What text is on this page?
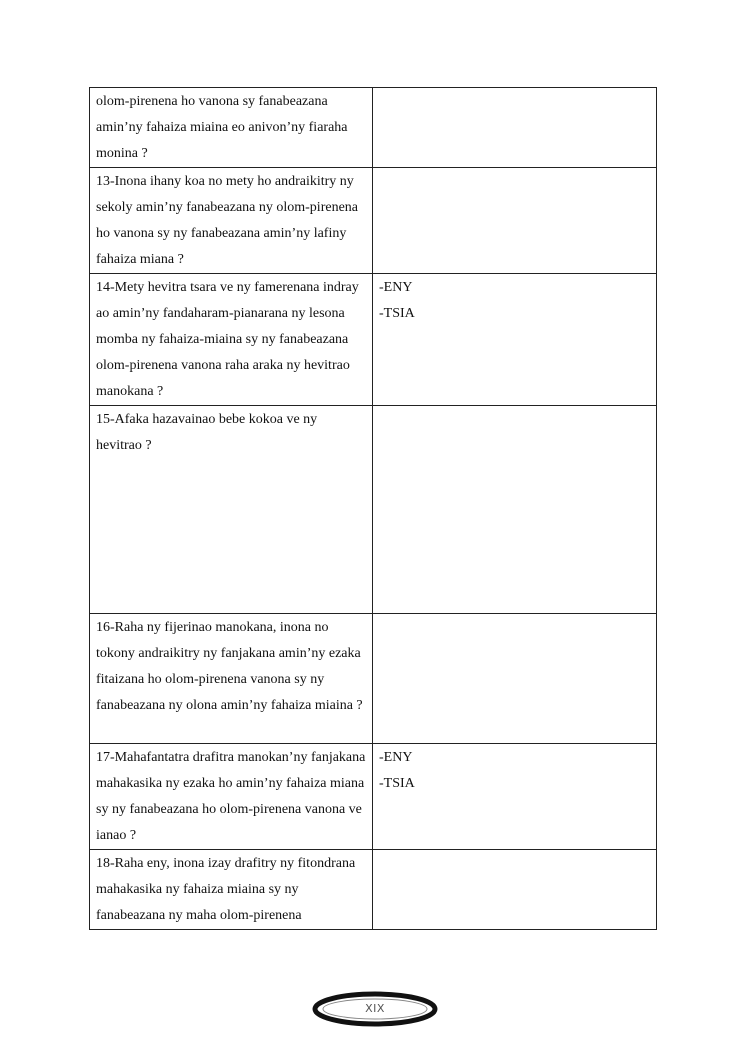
olom-pirenena ho vanona sy fanabeazana amin’ny fahaiza miaina eo anivon’ny fiaraha monina ?	
13-Inona ihany koa no mety ho andraikitry ny sekoly amin’ny fanabeazana ny olom-pirenena ho vanona sy ny fanabeazana amin’ny lafiny fahaiza miana ?	
14-Mety hevitra tsara ve ny famerenana indray ao amin’ny fandaharam-pianarana ny lesona momba ny fahaiza-miaina sy ny fanabeazana olom-pirenena vanona raha araka ny hevitrao manokana ?	-ENY
-TSIA

15-Afaka hazavainao bebe kokoa ve ny hevitrao ?	
16-Raha ny fijerinao manokana, inona no tokony andraikitry ny fanjakana amin’ny ezaka fitaizana ho olom-pirenena vanona sy ny fanabeazana ny olona amin’ny fahaiza miaina ?	
17-Mahafantatra drafitra manokan’ny fanjakana mahakasika ny ezaka ho amin’ny fahaiza miana sy ny fanabeazana ho olom-pirenena vanona ve ianao ?	-ENY
-TSIA

18-Raha eny, inona izay drafitry ny fitondrana mahakasika ny fahaiza miaina sy ny fanabeazana ny maha olom-pirenena	
XIX
